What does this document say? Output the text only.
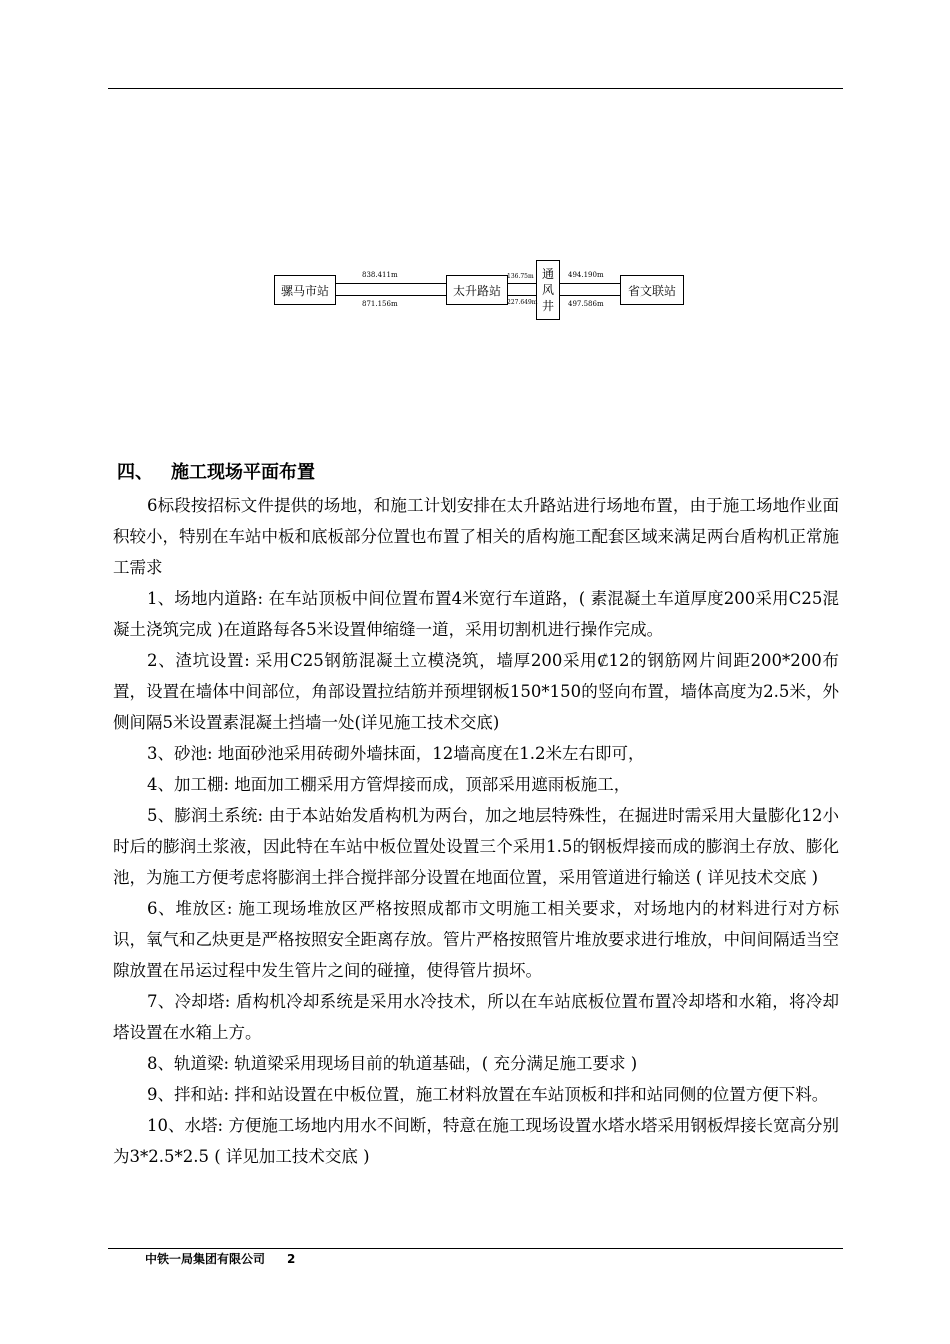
骡马市站	太升路站
通
风
井
省文联站
838.411m
871.156m
136.75m
227.649m
494.190m
497.586m
四、 施工现场平面布置

6标段按招标文件提供的场地，和施工计划安排在太升路站进行场地布置，由于施工场地作业面积较小，特别在车站中板和底板部分位置也布置了相关的盾构施工配套区域来满足两台盾构机正常施工需求

1、场地内道路: 在车站顶板中间位置布置4米宽行车道路，( 素混凝土车道厚度200采用C25混凝土浇筑完成 )在道路每各5米设置伸缩缝一道，采用切割机进行操作完成。

2、渣坑设置: 采用C25钢筋混凝土立模浇筑，墙厚200采用₡12的钢筋网片间距200*200布置，设置在墙体中间部位，角部设置拉结筋并预埋钢板150*150的竖向布置，墙体高度为2.5米，外侧间隔5米设置素混凝土挡墙一处(详见施工技术交底)

3、砂池: 地面砂池采用砖砌外墙抹面，12墙高度在1.2米左右即可，

4、加工棚: 地面加工棚采用方管焊接而成，顶部采用遮雨板施工，

5、膨润土系统: 由于本站始发盾构机为两台，加之地层特殊性，在掘进时需采用大量膨化12小时后的膨润土浆液，因此特在车站中板位置处设置三个采用1.5的钢板焊接而成的膨润土存放、膨化池，为施工方便考虑将膨润土拌合搅拌部分设置在地面位置，采用管道进行输送 ( 详见技术交底 )

6、堆放区: 施工现场堆放区严格按照成都市文明施工相关要求，对场地内的材料进行对方标识，氧气和乙炔更是严格按照安全距离存放。管片严格按照管片堆放要求进行堆放，中间间隔适当空隙放置在吊运过程中发生管片之间的碰撞，使得管片损坏。

7、冷却塔: 盾构机冷却系统是采用水冷技术，所以在车站底板位置布置冷却塔和水箱，将冷却塔设置在水箱上方。

8、轨道梁: 轨道梁采用现场目前的轨道基础，( 充分满足施工要求 )

9、拌和站: 拌和站设置在中板位置，施工材料放置在车站顶板和拌和站同侧的位置方便下料。

10、水塔: 方便施工场地内用水不间断，特意在施工现场设置水塔水塔采用钢板焊接长宽高分别为3*2.5*2.5 ( 详见加工技术交底 )

中铁一局集团有限公司 2
